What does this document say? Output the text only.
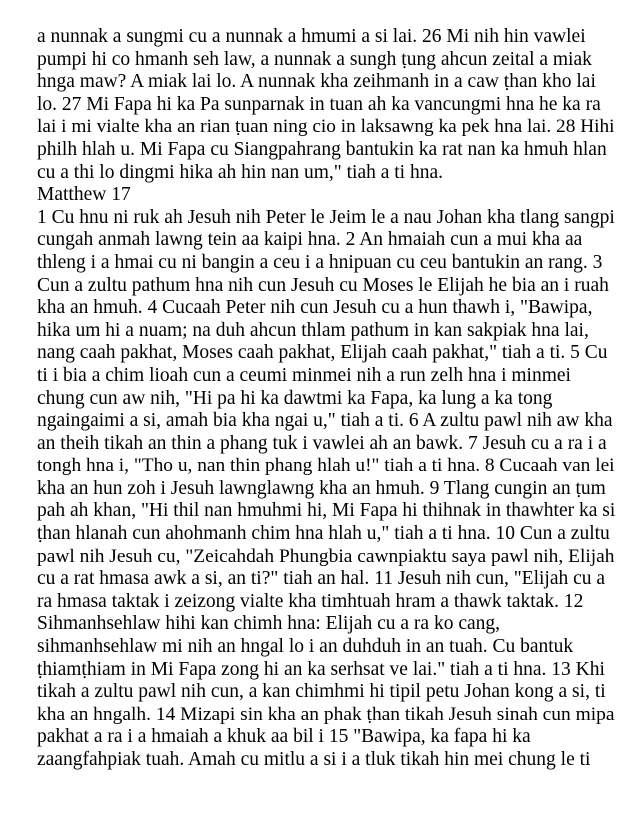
a nunnak a sungmi cu a nunnak a hmumi a si lai. 26 Mi nih hin vawlei
pumpi hi co hmanh seh law, a nunnak a sungh ṭung ahcun zeital a miak
hnga maw? A miak lai lo. A nunnak kha zeihmanh in a caw ṭhan kho lai
lo. 27 Mi Fapa hi ka Pa sunparnak in tuan ah ka vancungmi hna he ka ra
lai i mi vialte kha an rian ṭuan ning cio in laksawng ka pek hna lai. 28 Hihi
philh hlah u. Mi Fapa cu Siangpahrang bantukin ka rat nan ka hmuh hlan
cu a thi lo dingmi hika ah hin nan um," tiah a ti hna.

Matthew 17

1 Cu hnu ni ruk ah Jesuh nih Peter le Jeim le a nau Johan kha tlang sangpi
cungah anmah lawng tein aa kaipi hna. 2 An hmaiah cun a mui kha aa
thleng i a hmai cu ni bangin a ceu i a hnipuan cu ceu bantukin an rang. 3
Cun a zultu pathum hna nih cun Jesuh cu Moses le Elijah he bia an i ruah
kha an hmuh. 4 Cucaah Peter nih cun Jesuh cu a hun thawh i, "Bawipa,
hika um hi a nuam; na duh ahcun thlam pathum in kan sakpiak hna lai,
nang caah pakhat, Moses caah pakhat, Elijah caah pakhat," tiah a ti. 5 Cu
ti i bia a chim lioah cun a ceumi minmei nih a run zelh hna i minmei
chung cun aw nih, "Hi pa hi ka dawtmi ka Fapa, ka lung a ka tong
ngaingaimi a si, amah bia kha ngai u," tiah a ti. 6 A zultu pawl nih aw kha
an theih tikah an thin a phang tuk i vawlei ah an bawk. 7 Jesuh cu a ra i a
tongh hna i, "Tho u, nan thin phang hlah u!" tiah a ti hna. 8 Cucaah van lei
kha an hun zoh i Jesuh lawnglawng kha an hmuh. 9 Tlang cungin an ṭum
pah ah khan, "Hi thil nan hmuhmi hi, Mi Fapa hi thihnak in thawhter ka si
ṭhan hlanah cun ahohmanh chim hna hlah u," tiah a ti hna. 10 Cun a zultu
pawl nih Jesuh cu, "Zeicahdah Phungbia cawnpiaktu saya pawl nih, Elijah
cu a rat hmasa awk a si, an ti?" tiah an hal. 11 Jesuh nih cun, "Elijah cu a
ra hmasa taktak i zeizong vialte kha timhtuah hram a thawk taktak. 12
Sihmanhsehlaw hihi kan chimh hna: Elijah cu a ra ko cang,
sihmanhsehlaw mi nih an hngal lo i an duhduh in an tuah. Cu bantuk
ṭhiamṭhiam in Mi Fapa zong hi an ka serhsat ve lai." tiah a ti hna. 13 Khi
tikah a zultu pawl nih cun, a kan chimhmi hi tipil petu Johan kong a si, ti
kha an hngalh. 14 Mizapi sin kha an phak ṭhan tikah Jesuh sinah cun mipa
pakhat a ra i a hmaiah a khuk aa bil i 15 "Bawipa, ka fapa hi ka
zaangfahpiak tuah. Amah cu mitlu a si i a tluk tikah hin mei chung le ti
